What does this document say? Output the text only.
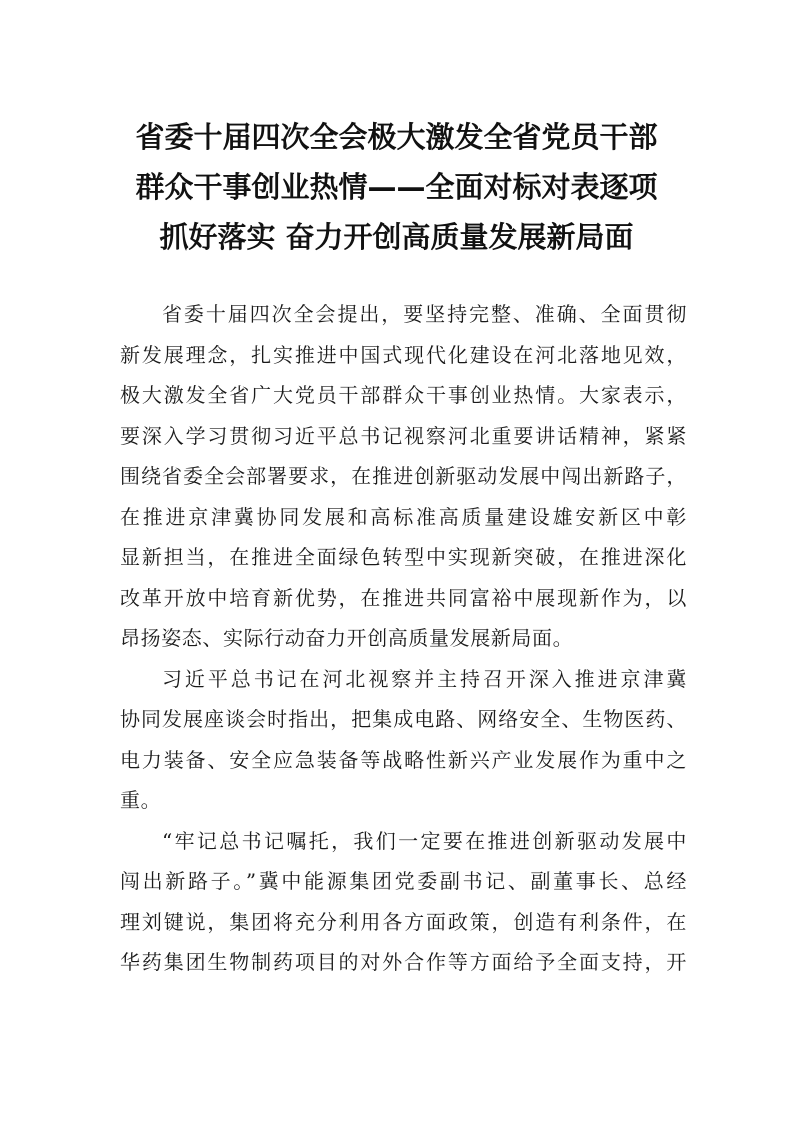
省委十届四次全会极大激发全省党员干部
群众干事创业热情——全面对标对表逐项
抓好落实 奋力开创高质量发展新局面
省委十届四次全会提出，要坚持完整、准确、全面贯彻
新发展理念，扎实推进中国式现代化建设在河北落地见效，
极大激发全省广大党员干部群众干事创业热情。大家表示，
要深入学习贯彻习近平总书记视察河北重要讲话精神，紧紧
围绕省委全会部署要求，在推进创新驱动发展中闯出新路子，
在推进京津冀协同发展和高标准高质量建设雄安新区中彰
显新担当，在推进全面绿色转型中实现新突破，在推进深化
改革开放中培育新优势，在推进共同富裕中展现新作为，以
昂扬姿态、实际行动奋力开创高质量发展新局面。
习近平总书记在河北视察并主持召开深入推进京津冀
协同发展座谈会时指出，把集成电路、网络安全、生物医药、
电力装备、安全应急装备等战略性新兴产业发展作为重中之
重。
“牢记总书记嘱托，我们一定要在推进创新驱动发展中
闯出新路子。”冀中能源集团党委副书记、副董事长、总经
理刘键说，集团将充分利用各方面政策，创造有利条件，在
华药集团生物制药项目的对外合作等方面给予全面支持，开
